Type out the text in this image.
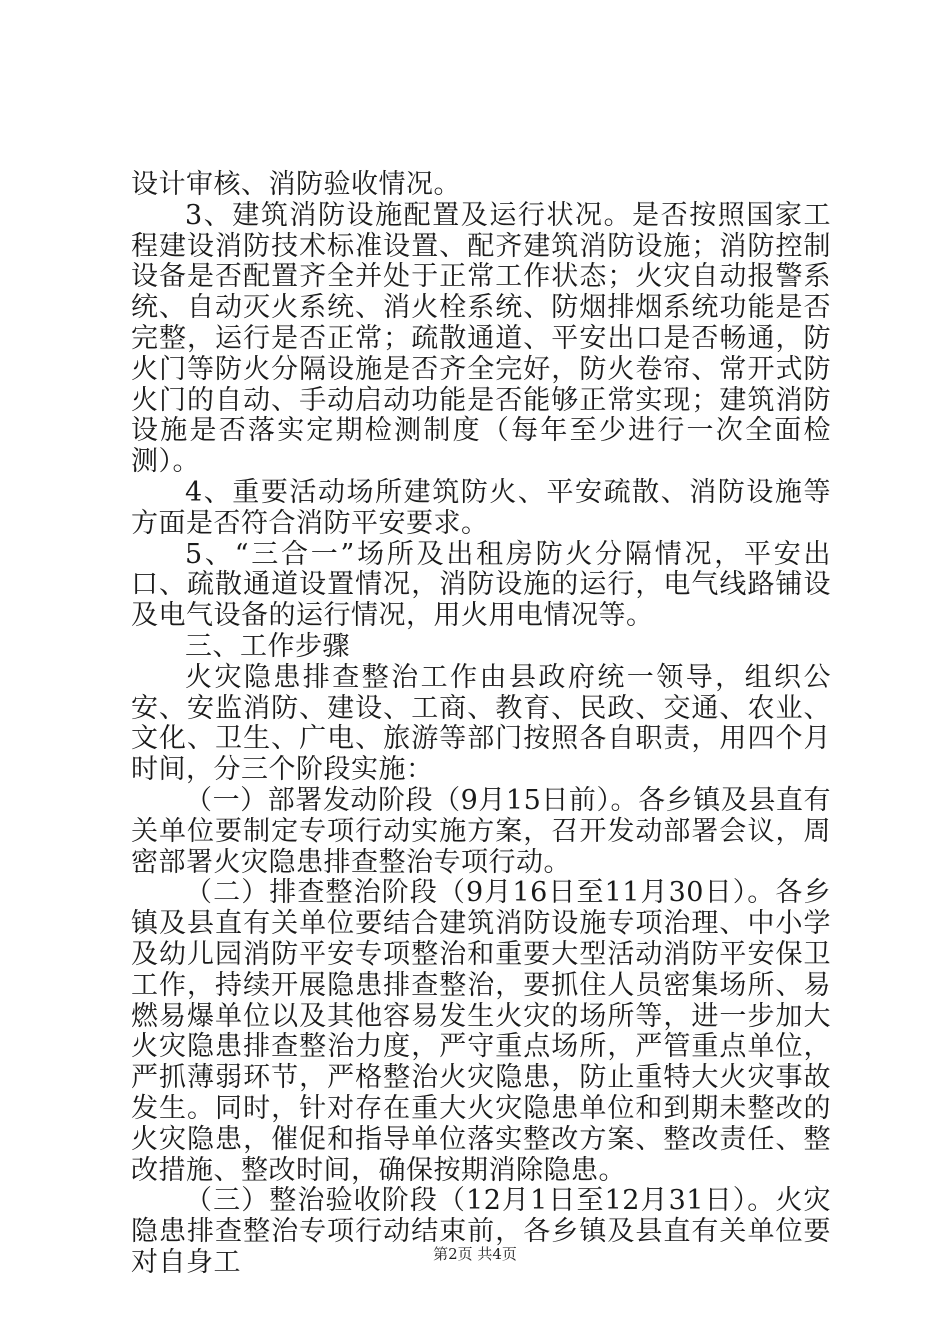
设计审核、消防验收情况。

3、建筑消防设施配置及运行状况。是否按照国家工程建设消防技术标准设置、配齐建筑消防设施；消防控制设备是否配置齐全并处于正常工作状态；火灾自动报警系统、自动灭火系统、消火栓系统、防烟排烟系统功能是否完整，运行是否正常；疏散通道、平安出口是否畅通，防火门等防火分隔设施是否齐全完好，防火卷帘、常开式防火门的自动、手动启动功能是否能够正常实现；建筑消防设施是否落实定期检测制度（每年至少进行一次全面检测）。

4、重要活动场所建筑防火、平安疏散、消防设施等方面是否符合消防平安要求。

5、“三合一”场所及出租房防火分隔情况，平安出口、疏散通道设置情况，消防设施的运行，电气线路铺设及电气设备的运行情况，用火用电情况等。

三、工作步骤

火灾隐患排查整治工作由县政府统一领导，组织公安、安监消防、建设、工商、教育、民政、交通、农业、文化、卫生、广电、旅游等部门按照各自职责，用四个月时间，分三个阶段实施：

（一）部署发动阶段（9月15日前）。各乡镇及县直有关单位要制定专项行动实施方案，召开发动部署会议，周密部署火灾隐患排查整治专项行动。

（二）排查整治阶段（9月16日至11月30日）。各乡镇及县直有关单位要结合建筑消防设施专项治理、中小学及幼儿园消防平安专项整治和重要大型活动消防平安保卫工作，持续开展隐患排查整治，要抓住人员密集场所、易燃易爆单位以及其他容易发生火灾的场所等，进一步加大火灾隐患排查整治力度，严守重点场所，严管重点单位，严抓薄弱环节，严格整治火灾隐患，防止重特大火灾事故发生。同时，针对存在重大火灾隐患单位和到期未整改的火灾隐患，催促和指导单位落实整改方案、整改责任、整改措施、整改时间，确保按期消除隐患。

（三）整治验收阶段（12月1日至12月31日）。火灾隐患排查整治专项行动结束前，各乡镇及县直有关单位要对自身工	第2页 共4页
